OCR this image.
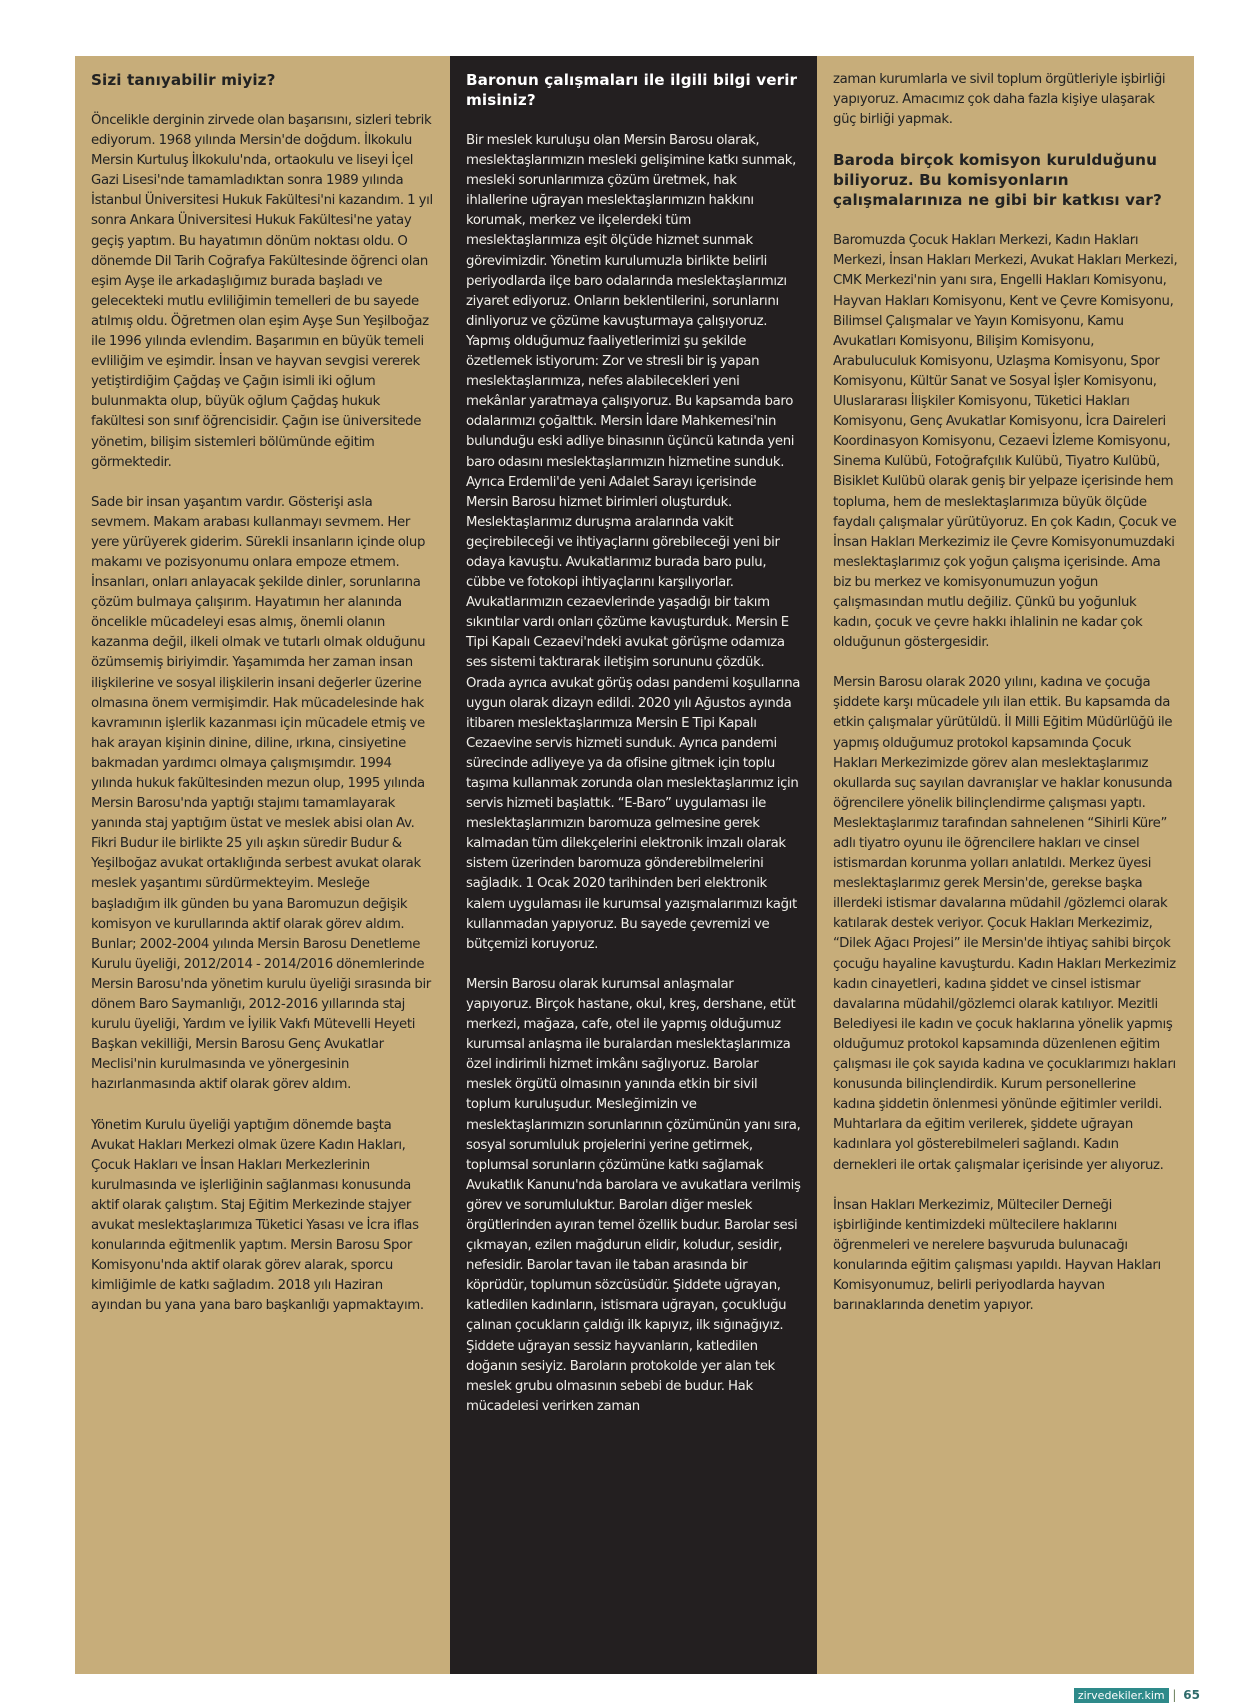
Sizi tanıyabilir miyiz?
Öncelikle derginin zirvede olan başarısını, sizleri tebrik ediyorum. 1968 yılında Mersin'de doğdum. İlkokulu Mersin Kurtuluş İlkokulu'nda, ortaokulu ve liseyi İçel Gazi Lisesi'nde tamamladıktan sonra 1989 yılında İstanbul Üniversitesi Hukuk Fakültesi'ni kazandım. 1 yıl sonra Ankara Üniversitesi Hukuk Fakültesi'ne yatay geçiş yaptım. Bu hayatımın dönüm noktası oldu. O dönemde Dil Tarih Coğrafya Fakültesinde öğrenci olan eşim Ayşe ile arkadaşlığımız burada başladı ve gelecekteki mutlu evliliğimin temelleri de bu sayede atılmış oldu. Öğretmen olan eşim Ayşe Sun Yeşilboğaz ile 1996 yılında evlendim. Başarımın en büyük temeli evliliğim ve eşimdir. İnsan ve hayvan sevgisi vererek yetiştirdiğim Çağdaş ve Çağın isimli iki oğlum bulunmakta olup, büyük oğlum Çağdaş hukuk fakültesi son sınıf öğrencisidir. Çağın ise üniversitede yönetim, bilişim sistemleri bölümünde eğitim görmektedir.
Sade bir insan yaşantım vardır. Gösterişi asla sevmem. Makam arabası kullanmayı sevmem. Her yere yürüyerek giderim. Sürekli insanların içinde olup makamı ve pozisyonumu onlara empoze etmem. İnsanları, onları anlayacak şekilde dinler, sorunlarına çözüm bulmaya çalışırım. Hayatımın her alanında öncelikle mücadeleyi esas almış, önemli olanın kazanma değil, ilkeli olmak ve tutarlı olmak olduğunu özümsemiş biriyimdir. Yaşamımda her zaman insan ilişkilerine ve sosyal ilişkilerin insani değerler üzerine olmasına önem vermişimdir. Hak mücadelesinde hak kavramının işlerlik kazanması için mücadele etmiş ve hak arayan kişinin dinine, diline, ırkına, cinsiyetine bakmadan yardımcı olmaya çalışmışımdır. 1994 yılında hukuk fakültesinden mezun olup, 1995 yılında Mersin Barosu'nda yaptığı stajımı tamamlayarak yanında staj yaptığım üstat ve meslek abisi olan Av. Fikri Budur ile birlikte 25 yılı aşkın süredir Budur & Yeşilboğaz avukat ortaklığında serbest avukat olarak meslek yaşantımı sürdürmekteyim. Mesleğe başladığım ilk günden bu yana Baromuzun değişik komisyon ve kurullarında aktif olarak görev aldım.
Bunlar; 2002-2004 yılında Mersin Barosu Denetleme Kurulu üyeliği, 2012/2014 - 2014/2016 dönemlerinde Mersin Barosu'nda yönetim kurulu üyeliği sırasında bir dönem Baro Saymanlığı, 2012-2016 yıllarında staj kurulu üyeliği, Yardım ve İyilik Vakfı Mütevelli Heyeti Başkan vekilliği, Mersin Barosu Genç Avukatlar Meclisi'nin kurulmasında ve yönergesinin hazırlanmasında aktif olarak görev aldım.
Yönetim Kurulu üyeliği yaptığım dönemde başta Avukat Hakları Merkezi olmak üzere Kadın Hakları, Çocuk Hakları ve İnsan Hakları Merkezlerinin kurulmasında ve işlerliğinin sağlanması konusunda aktif olarak çalıştım. Staj Eğitim Merkezinde stajyer avukat meslektaşlarımıza Tüketici Yasası ve İcra iflas konularında eğitmenlik yaptım. Mersin Barosu Spor Komisyonu'nda aktif olarak görev alarak, sporcu kimliğimle de katkı sağladım. 2018 yılı Haziran ayından bu yana yana baro başkanlığı yapmaktayım.
Baronun çalışmaları ile ilgili bilgi verir misiniz?
Bir meslek kuruluşu olan Mersin Barosu olarak, meslektaşlarımızın mesleki gelişimine katkı sunmak, mesleki sorunlarımıza çözüm üretmek, hak ihlallerine uğrayan meslektaşlarımızın hakkını korumak, merkez ve ilçelerdeki tüm meslektaşlarımıza eşit ölçüde hizmet sunmak görevimizdir. Yönetim kurulumuzla birlikte belirli periyodlarda ilçe baro odalarında meslektaşlarımızı ziyaret ediyoruz. Onların beklentilerini, sorunlarını dinliyoruz ve çözüme kavuşturmaya çalışıyoruz.
Yapmış olduğumuz faaliyetlerimizi şu şekilde özetlemek istiyorum: Zor ve stresli bir iş yapan meslektaşlarımıza, nefes alabilecekleri yeni mekânlar yaratmaya çalışıyoruz. Bu kapsamda baro odalarımızı çoğalttık. Mersin İdare Mahkemesi'nin bulunduğu eski adliye binasının üçüncü katında yeni baro odasını meslektaşlarımızın hizmetine sunduk. Ayrıca Erdemli'de yeni Adalet Sarayı içerisinde Mersin Barosu hizmet birimleri oluşturduk. Meslektaşlarımız duruşma aralarında vakit geçirebileceği ve ihtiyaçlarını görebileceği yeni bir odaya kavuştu. Avukatlarımız burada baro pulu, cübbe ve fotokopi ihtiyaçlarını karşılıyorlar. Avukatlarımızın cezaevlerinde yaşadığı bir takım sıkıntılar vardı onları çözüme kavuşturduk. Mersin E Tipi Kapalı Cezaevi'ndeki avukat görüşme odamıza ses sistemi taktırarak iletişim sorununu çözdük. Orada ayrıca avukat görüş odası pandemi koşullarına uygun olarak dizayn edildi. 2020 yılı Ağustos ayında itibaren meslektaşlarımıza Mersin E Tipi Kapalı Cezaevine servis hizmeti sunduk. Ayrıca pandemi sürecinde adliyeye ya da ofisine gitmek için toplu taşıma kullanmak zorunda olan meslektaşlarımız için servis hizmeti başlattık. “E-Baro” uygulaması ile meslektaşlarımızın baromuza gelmesine gerek kalmadan tüm dilekçelerini elektronik imzalı olarak sistem üzerinden baromuza gönderebilmelerini sağladık. 1 Ocak 2020 tarihinden beri elektronik kalem uygulaması ile kurumsal yazışmalarımızı kağıt kullanmadan yapıyoruz. Bu sayede çevremizi ve bütçemizi koruyoruz.
Mersin Barosu olarak kurumsal anlaşmalar yapıyoruz. Birçok hastane, okul, kreş, dershane, etüt merkezi, mağaza, cafe, otel ile yapmış olduğumuz kurumsal anlaşma ile buralardan meslektaşlarımıza özel indirimli hizmet imkânı sağlıyoruz. Barolar meslek örgütü olmasının yanında etkin bir sivil toplum kuruluşudur. Mesleğimizin ve meslektaşlarımızın sorunlarının çözümünün yanı sıra, sosyal sorumluluk projelerini yerine getirmek, toplumsal sorunların çözümüne katkı sağlamak Avukatlık Kanunu'nda barolara ve avukatlara verilmiş görev ve sorumluluktur. Baroları diğer meslek örgütlerinden ayıran temel özellik budur. Barolar sesi çıkmayan, ezilen mağdurun elidir, koludur, sesidir, nefesidir. Barolar tavan ile taban arasında bir köprüdür, toplumun sözcüsüdür. Şiddete uğrayan, katledilen kadınların, istismara uğrayan, çocukluğu çalınan çocukların çaldığı ilk kapıyız, ilk sığınağıyız. Şiddete uğrayan sessiz hayvanların, katledilen doğanın sesiyiz. Baroların protokolde yer alan tek meslek grubu olmasının sebebi de budur. Hak mücadelesi verirken zaman
zaman kurumlarla ve sivil toplum örgütleriyle işbirliği yapıyoruz. Amacımız çok daha fazla kişiye ulaşarak güç birliği yapmak.
Baroda birçok komisyon kurulduğunu biliyoruz. Bu komisyonların çalışmalarınıza ne gibi bir katkısı var?
Baromuzda Çocuk Hakları Merkezi, Kadın Hakları Merkezi, İnsan Hakları Merkezi, Avukat Hakları Merkezi, CMK Merkezi'nin yanı sıra, Engelli Hakları Komisyonu, Hayvan Hakları Komisyonu, Kent ve Çevre Komisyonu, Bilimsel Çalışmalar ve Yayın Komisyonu, Kamu Avukatları Komisyonu, Bilişim Komisyonu, Arabuluculuk Komisyonu, Uzlaşma Komisyonu, Spor Komisyonu, Kültür Sanat ve Sosyal İşler Komisyonu, Uluslararası İlişkiler Komisyonu, Tüketici Hakları Komisyonu, Genç Avukatlar Komisyonu, İcra Daireleri Koordinasyon Komisyonu, Cezaevi İzleme Komisyonu, Sinema Kulübü, Fotoğrafçılık Kulübü, Tiyatro Kulübü, Bisiklet Kulübü olarak geniş bir yelpaze içerisinde hem topluma, hem de meslektaşlarımıza büyük ölçüde faydalı çalışmalar yürütüyoruz. En çok Kadın, Çocuk ve İnsan Hakları Merkezimiz ile Çevre Komisyonumuzdaki meslektaşlarımız çok yoğun çalışma içerisinde. Ama biz bu merkez ve komisyonumuzun yoğun çalışmasından mutlu değiliz. Çünkü bu yoğunluk kadın, çocuk ve çevre hakkı ihlalinin ne kadar çok olduğunun göstergesidir.
Mersin Barosu olarak 2020 yılını, kadına ve çocuğa şiddete karşı mücadele yılı ilan ettik. Bu kapsamda da etkin çalışmalar yürütüldü. İl Milli Eğitim Müdürlüğü ile yapmış olduğumuz protokol kapsamında Çocuk Hakları Merkezimizde görev alan meslektaşlarımız okullarda suç sayılan davranışlar ve haklar konusunda öğrencilere yönelik bilinçlendirme çalışması yaptı. Meslektaşlarımız tarafından sahnelenen “Sihirli Küre” adlı tiyatro oyunu ile öğrencilere hakları ve cinsel istismardan korunma yolları anlatıldı. Merkez üyesi meslektaşlarımız gerek Mersin'de, gerekse başka illerdeki istismar davalarına müdahil /gözlemci olarak katılarak destek veriyor. Çocuk Hakları Merkezimiz, “Dilek Ağacı Projesi” ile Mersin'de ihtiyaç sahibi birçok çocuğu hayaline kavuşturdu. Kadın Hakları Merkezimiz kadın cinayetleri, kadına şiddet ve cinsel istismar davalarına müdahil/gözlemci olarak katılıyor. Mezitli Belediyesi ile kadın ve çocuk haklarına yönelik yapmış olduğumuz protokol kapsamında düzenlenen eğitim çalışması ile çok sayıda kadına ve çocuklarımızı hakları konusunda bilinçlendirdik. Kurum personellerine kadına şiddetin önlenmesi yönünde eğitimler verildi. Muhtarlara da eğitim verilerek, şiddete uğrayan kadınlara yol gösterebilmeleri sağlandı. Kadın dernekleri ile ortak çalışmalar içerisinde yer alıyoruz.
İnsan Hakları Merkezimiz, Mülteciler Derneği işbirliğinde kentimizdeki mültecilere haklarını öğrenmeleri ve nerelere başvuruda bulunacağı konularında eğitim çalışması yapıldı. Hayvan Hakları Komisyonumuz, belirli periyodlarda hayvan barınaklarında denetim yapıyor.
zirvedekiler.kim | 65
